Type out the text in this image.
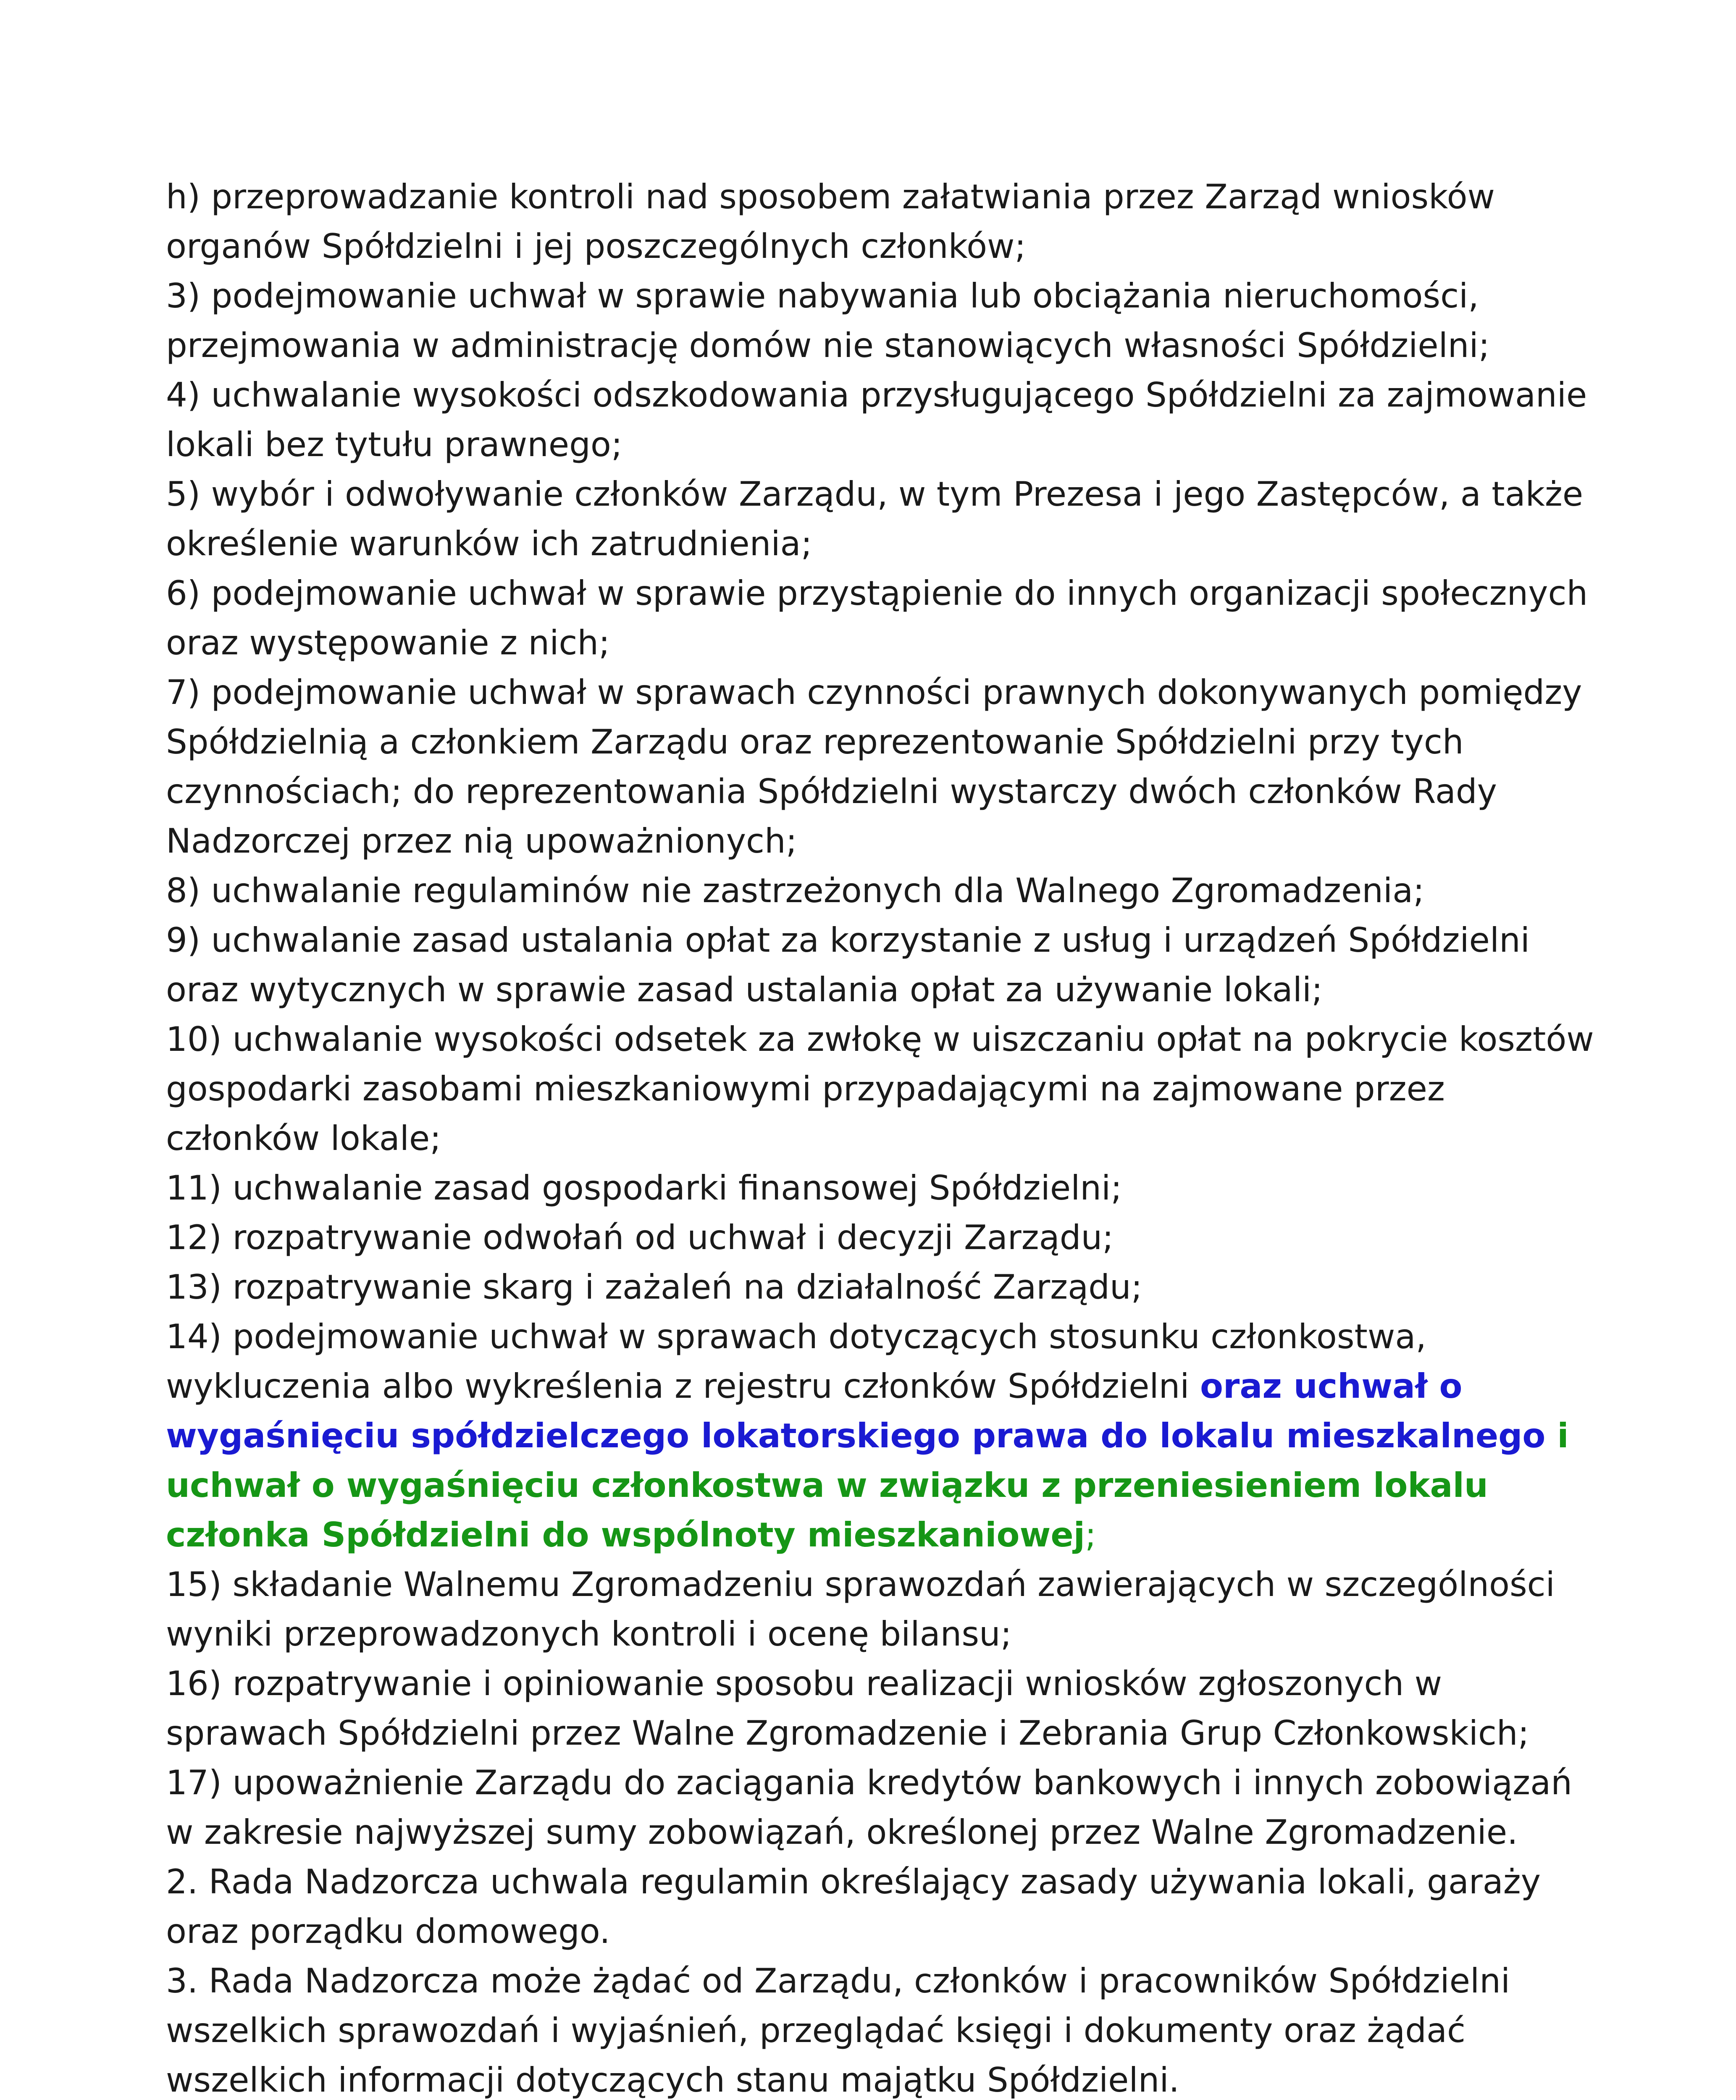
h) przeprowadzanie kontroli nad sposobem załatwiania przez Zarząd wniosków organów Spółdzielni i jej poszczególnych członków;

3) podejmowanie uchwał w sprawie nabywania lub obciążania nieruchomości, przejmowania w administrację domów nie stanowiących własności Spółdzielni;

4) uchwalanie wysokości odszkodowania przysługującego Spółdzielni za zajmowanie lokali bez tytułu prawnego;

5) wybór i odwoływanie członków Zarządu, w tym Prezesa i jego Zastępców, a także określenie warunków ich zatrudnienia;

6) podejmowanie uchwał w sprawie przystąpienie do innych organizacji społecznych oraz występowanie z nich;

7) podejmowanie uchwał w sprawach czynności prawnych dokonywanych pomiędzy Spółdzielnią a członkiem Zarządu oraz reprezentowanie Spółdzielni przy tych czynnościach; do reprezentowania Spółdzielni wystarczy dwóch członków Rady Nadzorczej przez nią upoważnionych;

8) uchwalanie regulaminów nie zastrzeżonych dla Walnego Zgromadzenia;

9) uchwalanie zasad ustalania opłat za korzystanie z usług i urządzeń Spółdzielni oraz wytycznych w sprawie zasad ustalania opłat za używanie lokali;

10) uchwalanie wysokości odsetek za zwłokę w uiszczaniu opłat na pokrycie kosztów gospodarki zasobami mieszkaniowymi przypadającymi na zajmowane przez członków lokale;

11) uchwalanie zasad gospodarki finansowej Spółdzielni;

12) rozpatrywanie odwołań od uchwał i decyzji Zarządu;

13) rozpatrywanie skarg i zażaleń na działalność Zarządu;

14) podejmowanie uchwał w sprawach dotyczących stosunku członkostwa, wykluczenia albo wykreślenia z rejestru członków Spółdzielni oraz uchwał o wygaśnięciu spółdzielczego lokatorskiego prawa do lokalu mieszkalnego i uchwał o wygaśnięciu członkostwa w związku z przeniesieniem lokalu członka Spółdzielni do wspólnoty mieszkaniowej;

15) składanie Walnemu Zgromadzeniu sprawozdań zawierających w szczególności wyniki przeprowadzonych kontroli i ocenę bilansu;

16) rozpatrywanie i opiniowanie sposobu realizacji wniosków zgłoszonych w sprawach Spółdzielni przez Walne Zgromadzenie i Zebrania Grup Członkowskich;

17) upoważnienie Zarządu do zaciągania kredytów bankowych i innych zobowiązań w zakresie najwyższej sumy zobowiązań, określonej przez Walne Zgromadzenie.

2. Rada Nadzorcza uchwala regulamin określający zasady używania lokali, garaży oraz porządku domowego.

3. Rada Nadzorcza może żądać od Zarządu, członków i pracowników Spółdzielni wszelkich sprawozdań i wyjaśnień, przeglądać księgi i dokumenty oraz żądać wszelkich informacji dotyczących stanu majątku Spółdzielni.
